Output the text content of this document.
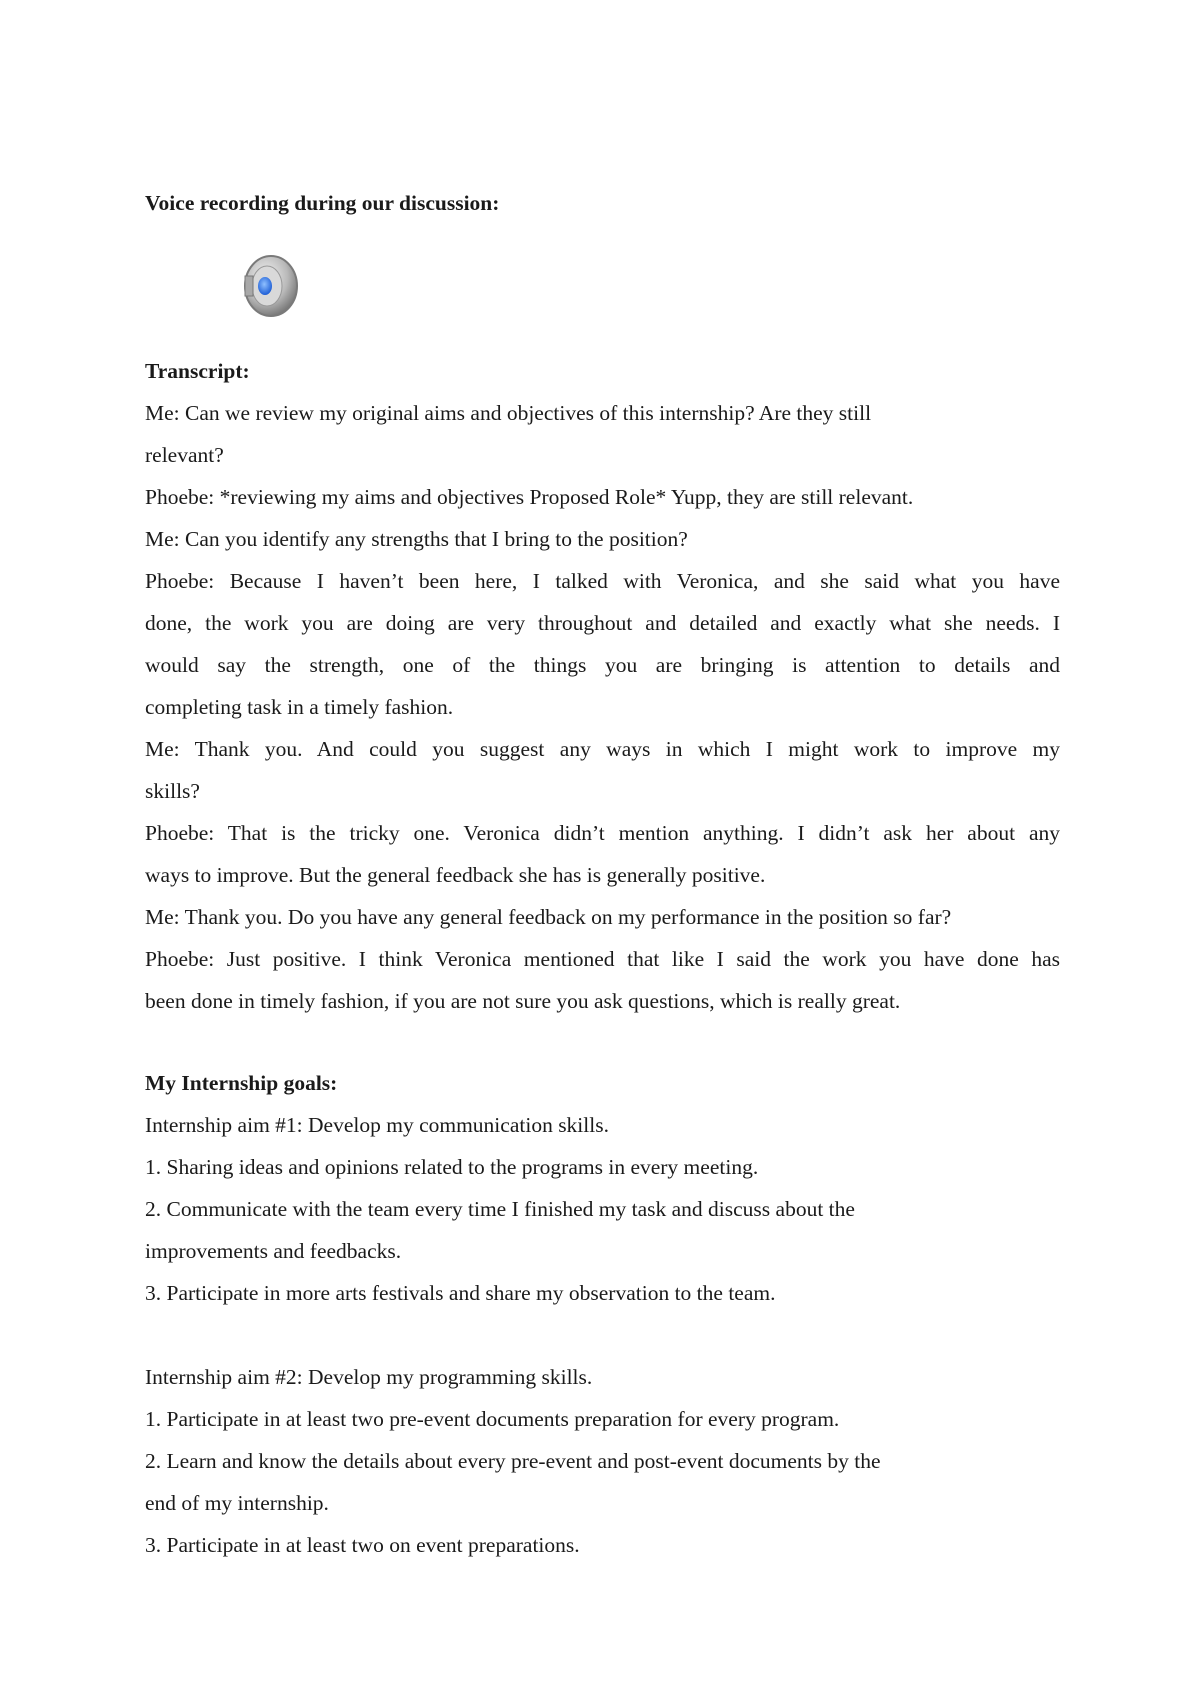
Voice recording during our discussion:
Transcript:
Me: Can we review my original aims and objectives of this internship? Are they still
relevant?
Phoebe: *reviewing my aims and objectives Proposed Role* Yupp, they are still relevant.
Me: Can you identify any strengths that I bring to the position?
Phoebe: Because I haven’t been here, I talked with Veronica, and she said what you have
done, the work you are doing are very throughout and detailed and exactly what she needs. I
would say the strength, one of the things you are bringing is attention to details and
completing task in a timely fashion.
Me: Thank you. And could you suggest any ways in which I might work to improve my
skills?
Phoebe: That is the tricky one. Veronica didn’t mention anything. I didn’t ask her about any
ways to improve. But the general feedback she has is generally positive.
Me: Thank you. Do you have any general feedback on my performance in the position so far?
Phoebe: Just positive. I think Veronica mentioned that like I said the work you have done has
been done in timely fashion, if you are not sure you ask questions, which is really great.
My Internship goals:
Internship aim #1: Develop my communication skills.
1. Sharing ideas and opinions related to the programs in every meeting.
2. Communicate with the team every time I finished my task and discuss about the
improvements and feedbacks.
3. Participate in more arts festivals and share my observation to the team.
Internship aim #2: Develop my programming skills.
1. Participate in at least two pre-event documents preparation for every program.
2. Learn and know the details about every pre-event and post-event documents by the
end of my internship.
3. Participate in at least two on event preparations.
